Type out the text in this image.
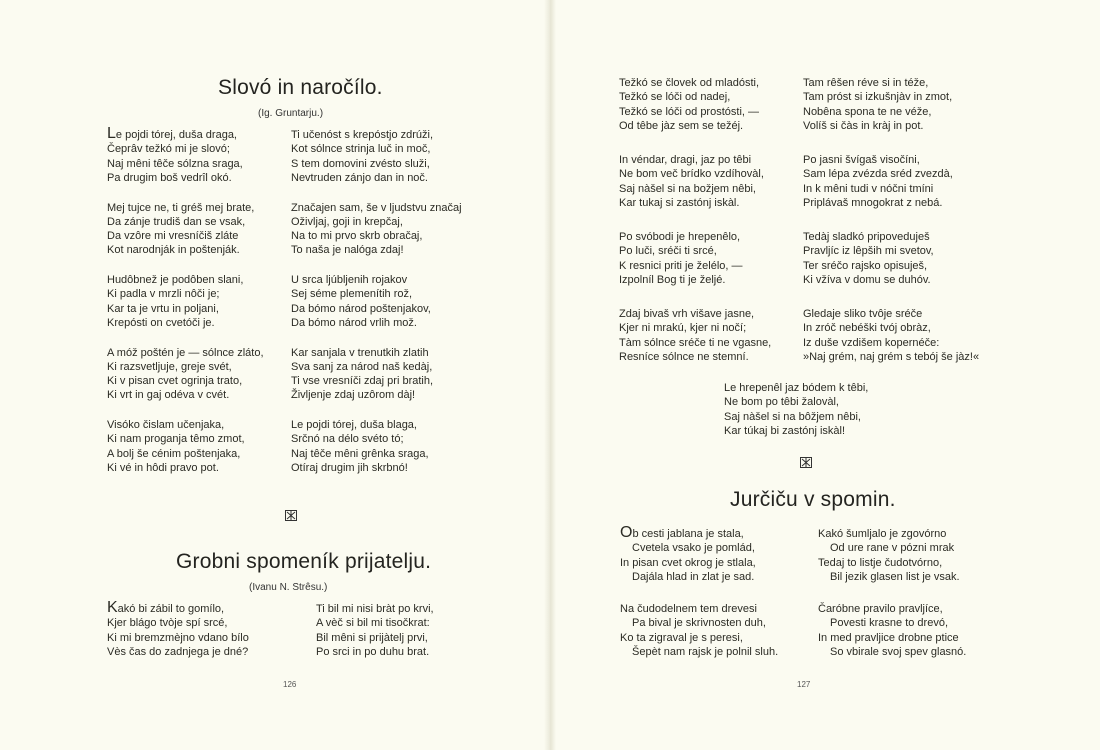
Slovó in naročílo.
(Ig. Gruntarju.)
Le pojdi tórej, duša draga,
Čeprâv težkó mi je slovó;
Naj mêni têče sólzna sraga,
Pa drugim boš vedrîl okó.
Mej tujce ne, ti gréš mej brate,
Da zánje trudiš dan se vsak,
Da vzôre mi vresníčiš zláte
Kot narodnják in poštenják.
Hudôbnež je podôben slani,
Ki padla v mrzli nôči je;
Kar ta je vrtu in poljani,
Krepósti on cvetóči je.
A móž poštén je — sólnce zláto,
Ki razsvetljuje, greje svét,
Ki v pisan cvet ogrinja trato,
Ki vrt in gaj odéva v cvét.
Visóko čislam učenjaka,
Ki nam proganja têmo zmot,
A bolj še cénim poštenjaka,
Ki vé in hôdi pravo pot.
Ti učenóst s krepóstjo zdrúži,
Kot sólnce strinja luč in moč,
S tem domovini zvésto služi,
Nevtruden zánjo dan in noč.
Značajen sam, še v ljudstvu značaj
Oživljaj, goji in krepčaj,
Na to mi prvo skrb obračaj,
To naša je nalóga zdaj!
U srca ljúbljenih rojakov
Sej séme plemenítih rož,
Da bómo národ poštenjakov,
Da bómo národ vrlih mož.
Kar sanjala v trenutkih zlatih
Sva sanj za národ naš kedàj,
Ti vse vresníči zdaj pri bratih,
Živlјenje zdaj uzôrom dàj!
Le pojdi tórej, duša blaga,
Srčnó na délo svéto tó;
Naj têče mêni grênka sraga,
Otíraj drugim jih skrbnó!
Grobni spomeník prijatelju.
(Ivanu N. Strêsu.)
Kakó bi zábil to gomílo,
Kjer blágo tvòje spí srcé,
Ki mi bremzmèjno vdano bílo
Vès čas do zadnjega je dné?
Ti bil mi nisi bràt po krvi,
A vèč si bil mi tisočkrat:
Bil mêni si prijàtelj prvi,
Po srci in po duhu brat.
126
Težkó se človek od mladósti,
Težkó se lóči od nadej,
Težkó se lóči od prostósti, —
Od têbe jàz sem se težéj.
In véndar, dragi, jaz po têbi
Ne bom več brídko vzdíhovàl,
Saj nàšel si na božjem nêbi,
Kar tukaj si zastónj iskàl.
Po svóbodi je hrepenêlo,
Po luči, sréči ti srcé,
K resnici priti je želélo, —
Izpolníl Bog ti je željé.
Zdaj bivaš vrh višave jasne,
Kjer ni mrakú, kjer ni nočí;
Tàm sólnce sréče ti ne vgasne,
Resníce sólnce ne stemní.
Tam rêšen réve si in téže,
Tam próst si izkušnjàv in zmot,
Nobêna spona te ne véže,
Volíš si čàs in kràj in pot.
Po jasni švígaš visočíni,
Sam lépa zvézda sréd zvezdà,
In k mêni tudi v nóčni tmíni
Priplávaš mnogokrat z nebá.
Tedàj sladkó pripoveduješ
Pravljíc iz lêpših mi svetov,
Ter sréčo rajsko opisuješ,
Ki vžíva v domu se duhóv.
Gledaje sliko tvôje sréče
In zróč nebéški tvój obràz,
Iz duše vzdišem kopernéče:
»Naj grém, naj grém s tebój še jàz!«
Le hrepenêl jaz bódem k têbi,
Ne bom po têbi žalovàl,
Saj nàšel si na bôžjem nêbi,
Kar túkaj bi zastónj iskàl!
Jurčiču v spomin.
Ob cesti jablana je stala,
Cvetela vsako je pomlád,
In pisan cvet okrog je stlala,
Dajála hlad in zlat je sad.
Na čudodelnem tem drevesi
Pa bival je skrivnosten duh,
Ko ta zigraval je s peresi,
Šepèt nam rajsk je polnil sluh.
Kakó šumljalo je zgovórno
Od ure rane v pózni mrak
Tedaj to listje čudotvórno,
Bil jezik glasen list je vsak.
Čaróbne pravilo pravljíce,
Povesti krasne to drevó,
In med pravljice drobne ptice
So vbirale svoj spev glasnó.
127
